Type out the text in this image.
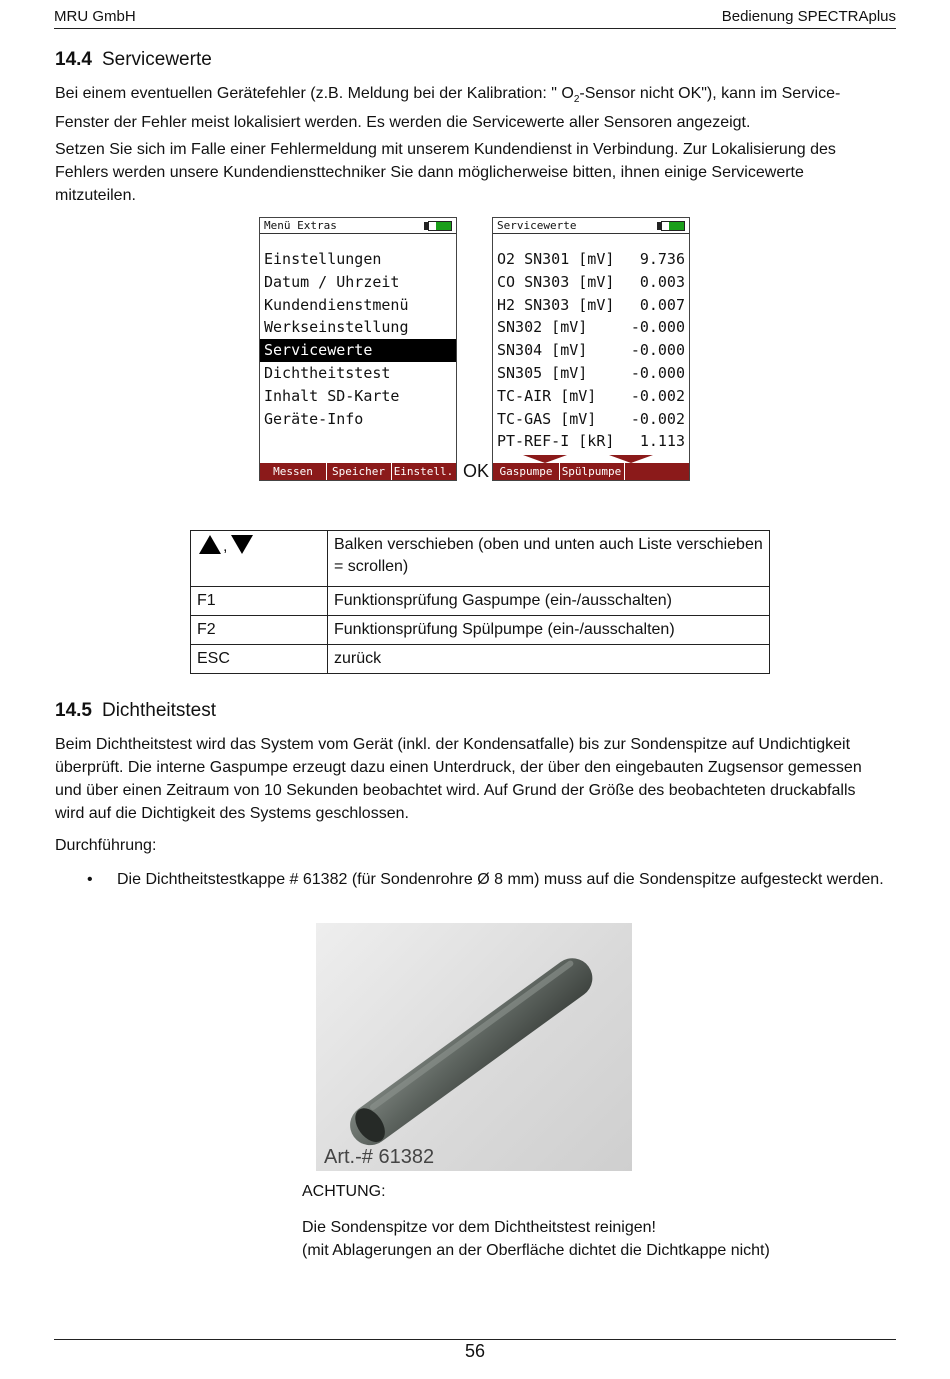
MRU GmbH	Bedienung SPECTRAplus
14.4 Servicewerte

Bei einem eventuellen Gerätefehler (z.B. Meldung bei der Kalibration: " $O_2$-Sensor nicht OK"), kann im Service-Fenster der Fehler meist lokalisiert werden. Es werden die Servicewerte aller Sensoren angezeigt.

Setzen Sie sich im Falle einer Fehlermeldung mit unserem Kundendienst in Verbindung. Zur Lokalisierung des Fehlers werden unsere Kundendiensttechniker Sie dann möglicherweise bitten, ihnen einige Servicewerte mitzuteilen.

Menü Extras
Einstellungen
Datum / Uhrzeit
Kundendienstmenü
Werkseinstellung
Servicewerte
Dichtheitstest
Inhalt SD-Karte
Geräte-Info
Messen	Speicher Einstell. OK
Servicewerte
O2 SN301 [mV] 9.736
CO SN303 [mV] 0.003
H2 SN303 [mV] 0.007
SN302 [mV]	-0.000
SN304 [mV]	-0.000
SN305 [mV]	-0.000
TC-AIR [mV] -0.002
TC-GAS [mV] -0.002
PT-REF-I [kR] 1.113
Gaspumpe Spülpumpe
,	Balken verschieben (oben und unten auch Liste verschieben = scrollen)
F1	Funktionsprüfung Gaspumpe (ein-/ausschalten)
F2	Funktionsprüfung Spülpumpe (ein-/ausschalten)
ESC	zurück
14.5 Dichtheitstest

Beim Dichtheitstest wird das System vom Gerät (inkl. der Kondensatfalle) bis zur Sondenspitze auf Undichtigkeit überprüft. Die interne Gaspumpe erzeugt dazu einen Unterdruck, der über den eingebauten Zugsensor gemessen und über einen Zeitraum von 10 Sekunden beobachtet wird. Auf Grund der Größe des beobachteten druckabfalls wird auf die Dichtigkeit des Systems geschlossen.

Durchführung:

• Die Dichtheitstestkappe # 61382 (für Sondenrohre Ø 8 mm) muss auf die Sondenspitze aufgesteckt werden.
Art.-# 61382
ACHTUNG:
Die Sondenspitze vor dem Dichtheitstest reinigen!
(mit Ablagerungen an der Oberfläche dichtet die Dichtkappe nicht)
56
